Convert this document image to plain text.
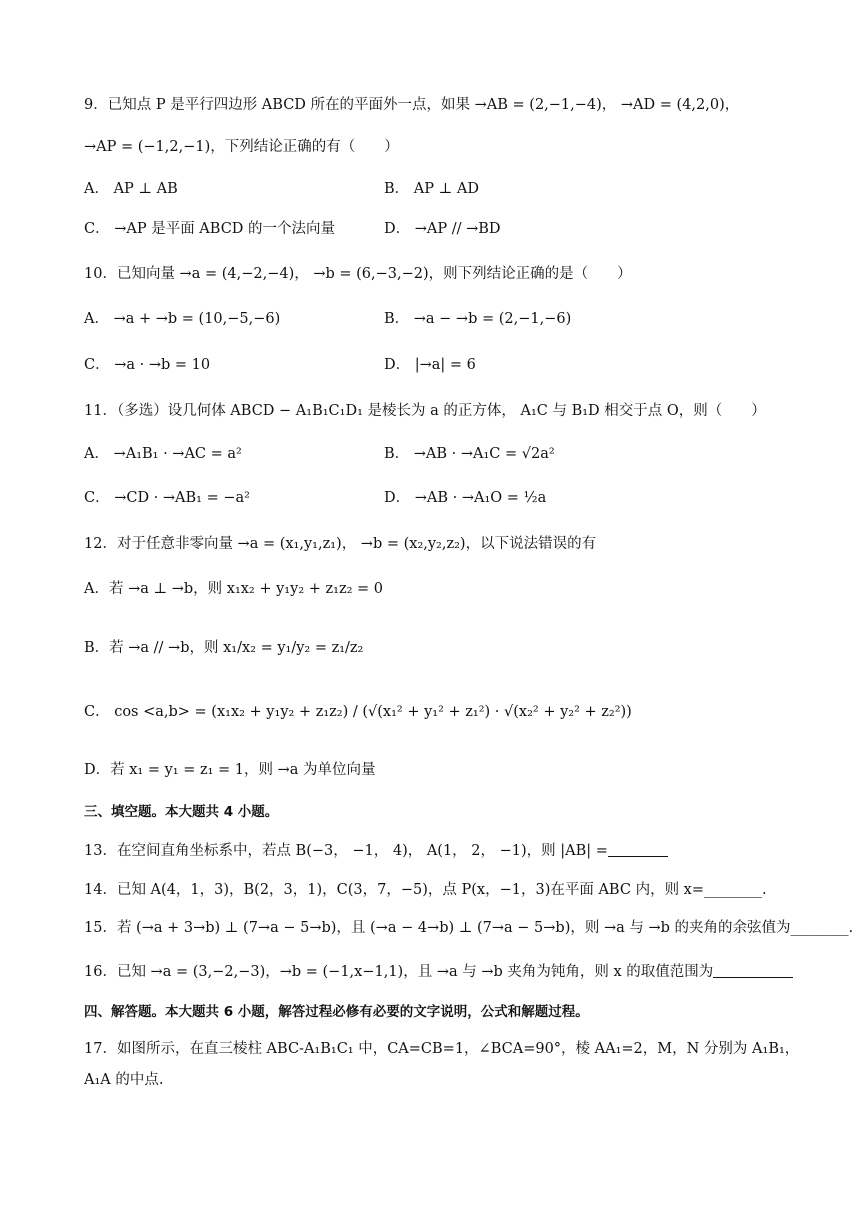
9．已知点 P 是平行四边形 ABCD 所在的平面外一点，如果 →AB = (2,−1,−4)， →AD = (4,2,0)，
→AP = (−1,2,−1)，下列结论正确的有（　　）
A． AP ⊥ AB	B． AP ⊥ AD
C． →AP 是平面 ABCD 的一个法向量	D． →AP // →BD
10．已知向量 →a = (4,−2,−4)， →b = (6,−3,−2)，则下列结论正确的是（　　）
A． →a + →b = (10,−5,−6)	B． →a − →b = (2,−1,−6)
C． →a · →b = 10	D． |→a| = 6
11．（多选）设几何体 ABCD − A₁B₁C₁D₁ 是棱长为 a 的正方体， A₁C 与 B₁D 相交于点 O，则（　　）
A． →A₁B₁ · →AC = a²	B． →AB · →A₁C = √2a²
C． →CD · →AB₁ = −a²	D． →AB · →A₁O = ½a
12．对于任意非零向量 →a = (x₁,y₁,z₁)， →b = (x₂,y₂,z₂)，以下说法错误的有
A．若 →a ⊥ →b，则 x₁x₂ + y₁y₂ + z₁z₂ = 0
B．若 →a // →b，则 x₁/x₂ = y₁/y₂ = z₁/z₂
C． cos <a,b> = (x₁x₂ + y₁y₂ + z₁z₂) / (√(x₁² + y₁² + z₁²) · √(x₂² + y₂² + z₂²))
D．若 x₁ = y₁ = z₁ = 1，则 →a 为单位向量
三、填空题。本大题共 4 小题。
13．在空间直角坐标系中，若点 B(−3， −1， 4)， A(1， 2， −1)，则 |AB| =
14．已知 A(4，1，3)，B(2，3，1)，C(3，7，−5)，点 P(x，−1，3)在平面 ABC 内，则 x=________.
15．若 (→a + 3→b) ⊥ (7→a − 5→b)，且 (→a − 4→b) ⊥ (7→a − 5→b)，则 →a 与 →b 的夹角的余弦值为________.
16．已知 →a = (3,−2,−3)，→b = (−1,x−1,1)，且 →a 与 →b 夹角为钝角，则 x 的取值范围为
四、解答题。本大题共 6 小题，解答过程必修有必要的文字说明，公式和解题过程。
17．如图所示，在直三棱柱 ABC-A₁B₁C₁ 中，CA=CB=1，∠BCA=90°，棱 AA₁=2，M，N 分别为 A₁B₁，
A₁A 的中点.
